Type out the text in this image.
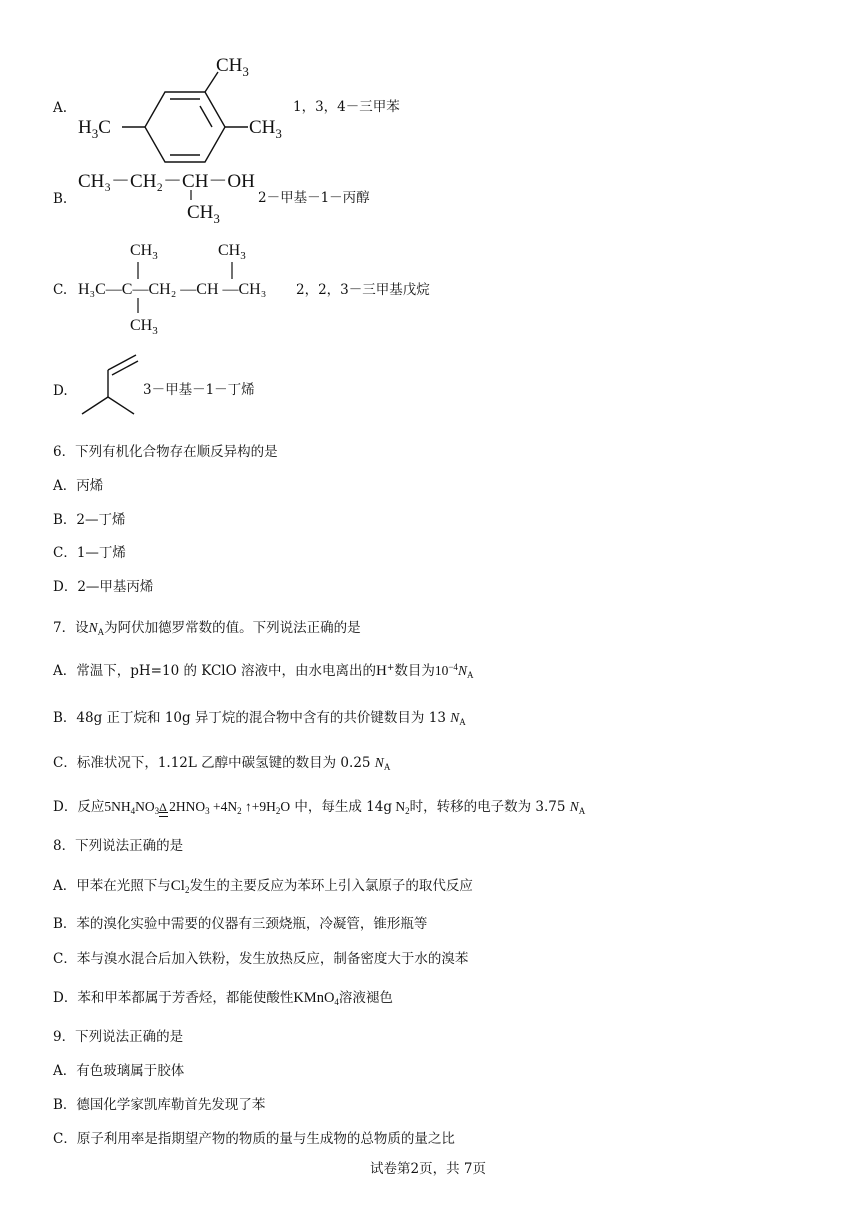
A.
$CH_3$
$H_3C$	$CH_3$
1，3，4－三甲苯
B.
CH₃－CH₂－CH－OH
$CH_3$
2－甲基－1－丙醇
C.
$CH_3$	$CH_3$
H₃C—C—CH₂ —CH —CH₃
$CH_3$
2，2，3－三甲基戊烷
D.	3－甲基－1－丁烯
6．下列有机化合物存在顺反异构的是
A．丙烯
B．2—丁烯
C．1—丁烯
D．2—甲基丙烯
7．设$N_A$为阿伏加德罗常数的值。下列说法正确的是
A．常温下，pH=10 的 KClO 溶液中，由水电离出的H+数目为$10^{-4}N_A$
B．48g 正丁烷和 10g 异丁烷的混合物中含有的共价键数目为 13 $N_A$
C．标准状况下，1.12L 乙醇中碳氢键的数目为 0.25 $N_A$
D．反应$5NH_4NO_3$ Δ $2HNO_3 +4N_2$ $↑+9H_2O$ 中，每生成 14g $N_2$时，转移的电子数为 3.75 $N_A$
8．下列说法正确的是
A．甲苯在光照下与$Cl_2$发生的主要反应为苯环上引入氯原子的取代反应
B．苯的溴化实验中需要的仪器有三颈烧瓶，冷凝管，锥形瓶等
C．苯与溴水混合后加入铁粉，发生放热反应，制备密度大于水的溴苯
D．苯和甲苯都属于芳香烃，都能使酸性KMnO$_4$溶液褪色
9．下列说法正确的是
A．有色玻璃属于胶体
B．德国化学家凯库勒首先发现了苯
C．原子利用率是指期望产物的物质的量与生成物的总物质的量之比
试卷第2页，共 7页
